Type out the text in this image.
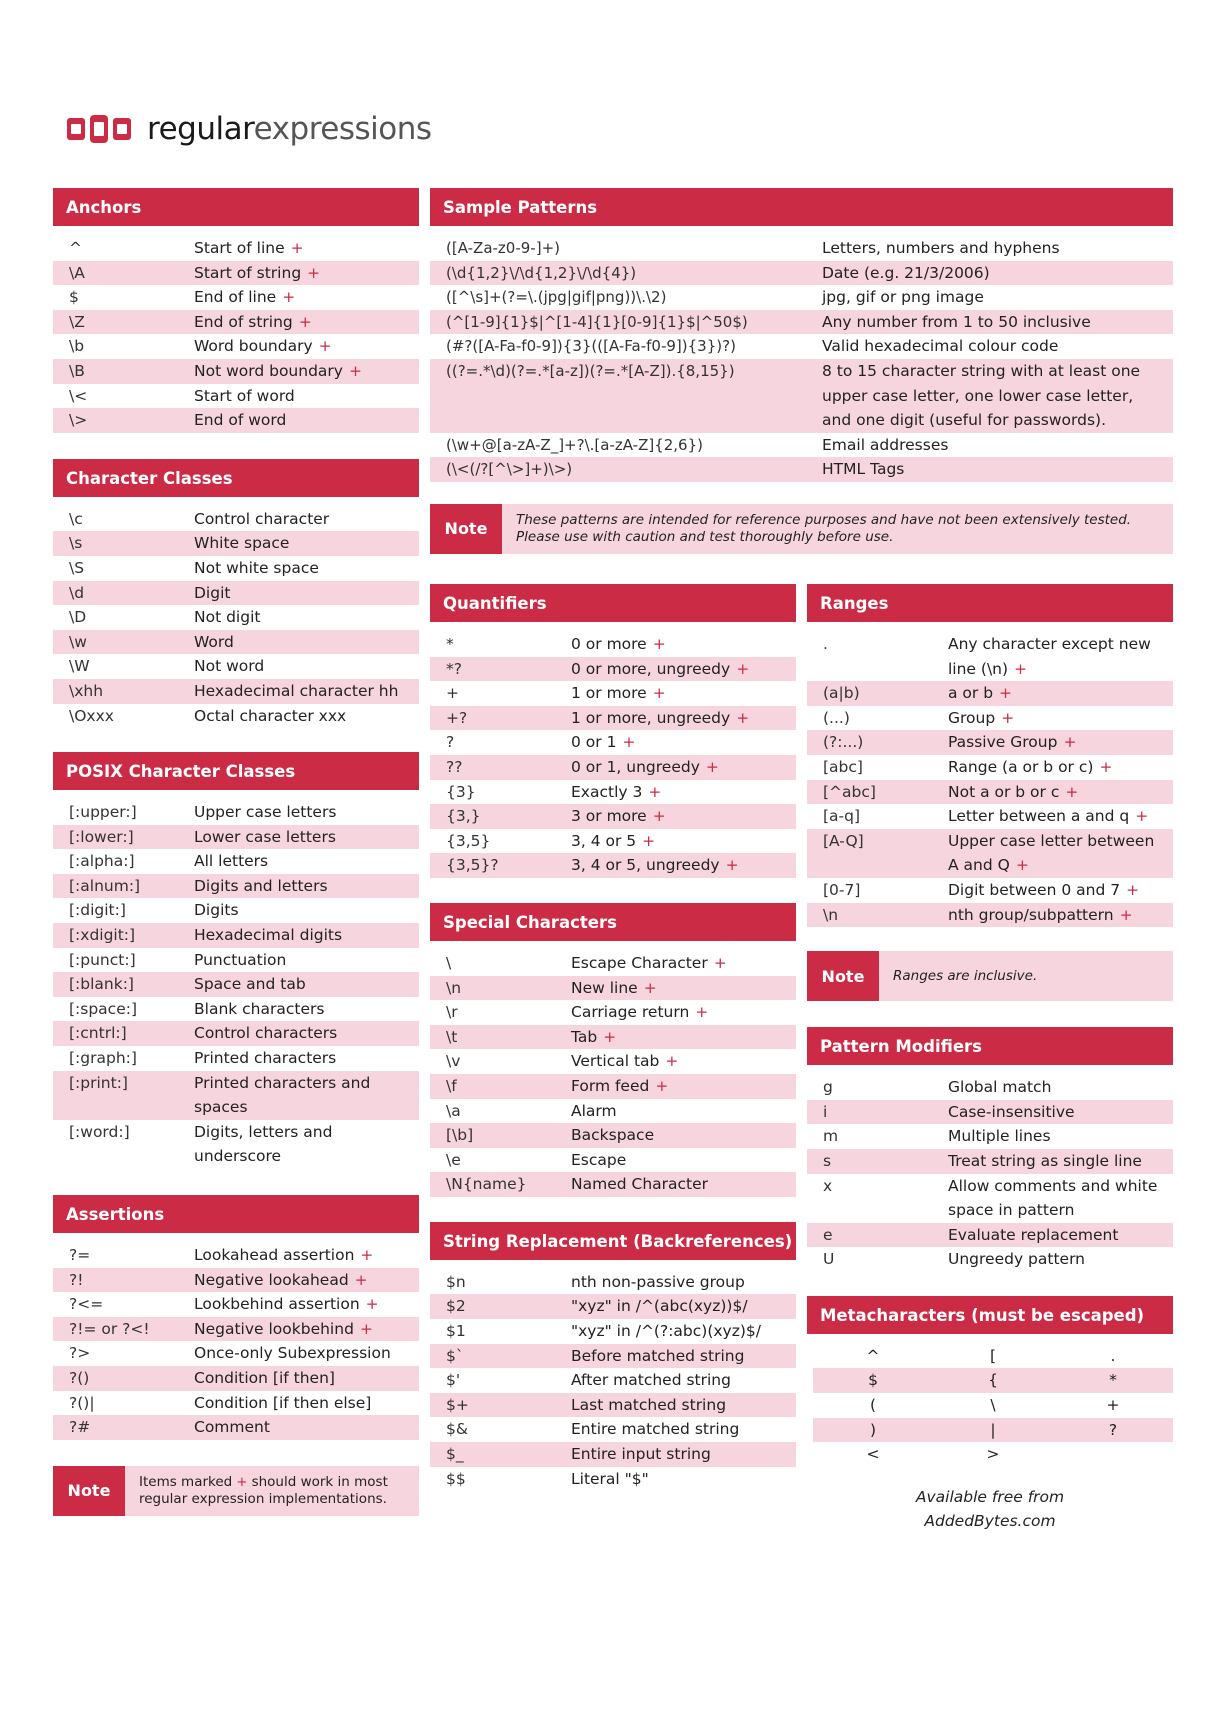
regularexpressions
Anchors
^	Start of line +
\A	Start of string +
$	End of line +
\Z	End of string +
\b	Word boundary +
\B	Not word boundary +
\<	Start of word
\>	End of word
Character Classes
\c	Control character
\s	White space
\S	Not white space
\d	Digit
\D	Not digit
\w	Word
\W	Not word
\xhh	Hexadecimal character hh
\Oxxx	Octal character xxx
POSIX Character Classes
[:upper:]	Upper case letters
[:lower:]	Lower case letters
[:alpha:]	All letters
[:alnum:]	Digits and letters
[:digit:]	Digits
[:xdigit:]	Hexadecimal digits
[:punct:]	Punctuation
[:blank:]	Space and tab
[:space:]	Blank characters
[:cntrl:]	Control characters
[:graph:]	Printed characters
[:print:]	Printed characters and spaces
[:word:]	Digits, letters and underscore
Assertions
?=	Lookahead assertion +
?!	Negative lookahead +
?<=	Lookbehind assertion +
?!= or ?<!	Negative lookbehind +
?>	Once-only Subexpression
?()	Condition [if then]
?()|	Condition [if then else]
?#	Comment
Note	Items marked + should work in most regular expression implementations.
Sample Patterns
([A-Za-z0-9-]+)	Letters, numbers and hyphens
(\d{1,2}\/\d{1,2}\/\d{4})	Date (e.g. 21/3/2006)
([^\s]+(?=\.(jpg|gif|png))\.\2)	jpg, gif or png image
(^[1-9]{1}$|^[1-4]{1}[0-9]{1}$|^50$)	Any number from 1 to 50 inclusive
(#?([A-Fa-f0-9]){3}(([A-Fa-f0-9]){3})?)	Valid hexadecimal colour code
((?=.*\d)(?=.*[a-z])(?=.*[A-Z]).{8,15})	8 to 15 character string with at least one upper case letter, one lower case letter, and one digit (useful for passwords).
(\w+@[a-zA-Z_]+?\.[a-zA-Z]{2,6})	Email addresses
(\<(/?[^\>]+)\>)	HTML Tags
Note	These patterns are intended for reference purposes and have not been extensively tested. Please use with caution and test thoroughly before use.
Quantifiers
*	0 or more +
*?	0 or more, ungreedy +
+	1 or more +
+?	1 or more, ungreedy +
?	0 or 1 +
??	0 or 1, ungreedy +
{3}	Exactly 3 +
{3,}	3 or more +
{3,5}	3, 4 or 5 +
{3,5}?	3, 4 or 5, ungreedy +
Special Characters
\	Escape Character +
\n	New line +
\r	Carriage return +
\t	Tab +
\v	Vertical tab +
\f	Form feed +
\a	Alarm
[\b]	Backspace
\e	Escape
\N{name}	Named Character
String Replacement (Backreferences)
$n	nth non-passive group
$2	"xyz" in /^(abc(xyz))$/
$1	"xyz" in /^(?:abc)(xyz)$/
$`	Before matched string
$'	After matched string
$+	Last matched string
$&	Entire matched string
$_	Entire input string
$$	Literal "$"
Ranges
.	Any character except new line (\n) +
(a|b)	a or b +
(...)	Group +
(?:...)	Passive Group +
[abc]	Range (a or b or c) +
[^abc]	Not a or b or c +
[a-q]	Letter between a and q +
[A-Q]	Upper case letter between A and Q +
[0-7]	Digit between 0 and 7 +
\n	nth group/subpattern +
Note	Ranges are inclusive.
Pattern Modifiers
g	Global match
i	Case-insensitive
m	Multiple lines
s	Treat string as single line
x	Allow comments and white space in pattern
e	Evaluate replacement
U	Ungreedy pattern
Metacharacters (must be escaped)
^	[	.
$	{	*
(	\	+
)	|	?
<	>
Available free from
AddedBytes.com
